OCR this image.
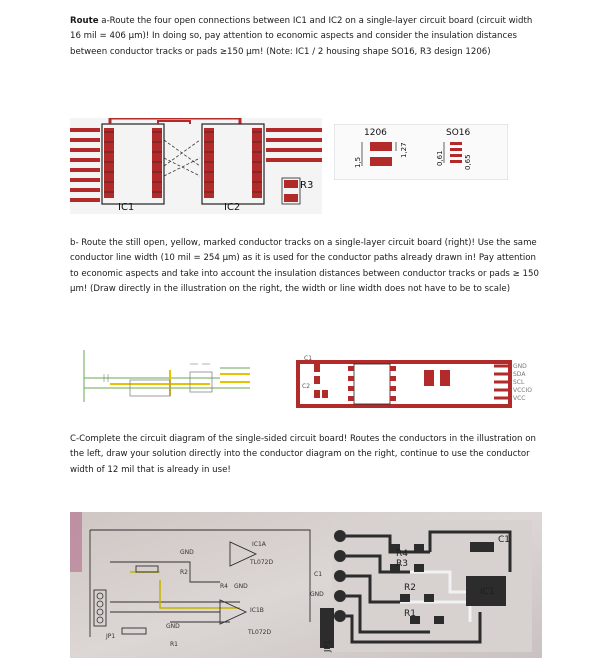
Route a-Route the four open connections between IC1 and IC2 on a single-layer circuit board (circuit width 16 mil = 406 µm)! In doing so, pay attention to economic aspects and consider the insulation distances between conductor tracks or pads ≥150 µm! (Note: IC1 / 2 housing shape SO16, R3 design 1206)

R3
IC1	IC2
1206	SO16
1,5
1,27
0,61	0,65

b- Route the still open, yellow, marked conductor tracks on a single-layer circuit board (right)! Use the same conductor line width (10 mil = 254 µm) as it is used for the conductor paths already drawn in! Pay attention to economic aspects and take into account the insulation distances between conductor tracks or pads ≥ 150 µm! (Draw directly in the illustration on the right, the width or line width does not have to be to scale)

C1
C2
GND
SDA
SCL
VCCIO
VCC

C-Complete the circuit diagram of the single-sided circuit board! Routes the conductors in the illustration on the left, draw your solution directly into the conductor diagram on the right, continue to use the conductor width of 12 mil that is already in use!

GND
IC1A
TL072D
R4 GND
GND
C1
R2
IC1B
TL072D
GND
R1
JP1
R4
R3
R2
R1
IC1
C1
JP1
